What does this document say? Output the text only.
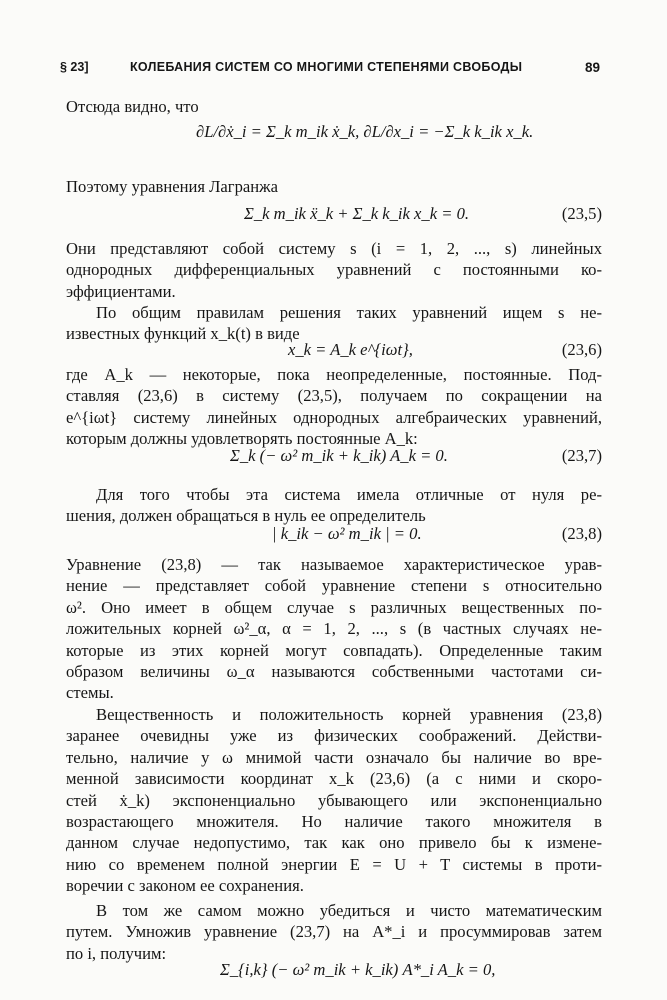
§ 23]	КОЛЕБАНИЯ СИСТЕМ СО МНОГИМИ СТЕПЕНЯМИ СВОБОДЫ	89
Отсюда видно, что
∂L/∂ẋ_i = Σ_k m_ik ẋ_k, ∂L/∂x_i = −Σ_k k_ik x_k.
Поэтому уравнения Лагранжа
Σ_k m_ik ẍ_k + Σ_k k_ik x_k = 0.	(23,5)
Они представляют собой систему s (i = 1, 2, ..., s) линейных
однородных дифференциальных уравнений с постоянными ко-
эффициентами.
По общим правилам решения таких уравнений ищем s не-
известных функций x_k(t) в виде
x_k = A_k e^{iωt},	(23,6)
где A_k — некоторые, пока неопределенные, постоянные. Под-
ставляя (23,6) в систему (23,5), получаем по сокращении на
e^{iωt} систему линейных однородных алгебраических уравнений,
которым должны удовлетворять постоянные A_k:
Σ_k (− ω² m_ik + k_ik) A_k = 0.	(23,7)
Для того чтобы эта система имела отличные от нуля ре-
шения, должен обращаться в нуль ее определитель
| k_ik − ω² m_ik | = 0.	(23,8)
Уравнение (23,8) — так называемое характеристическое урав-
нение — представляет собой уравнение степени s относительно
ω². Оно имеет в общем случае s различных вещественных по-
ложительных корней ω²_α, α = 1, 2, ..., s (в частных случаях не-
которые из этих корней могут совпадать). Определенные таким
образом величины ω_α называются собственными частотами си-
стемы.
Вещественность и положительность корней уравнения (23,8)
заранее очевидны уже из физических соображений. Действи-
тельно, наличие у ω мнимой части означало бы наличие во вре-
менной зависимости координат x_k (23,6) (а с ними и скоро-
стей ẋ_k) экспоненциально убывающего или экспоненциально
возрастающего множителя. Но наличие такого множителя в
данном случае недопустимо, так как оно привело бы к измене-
нию со временем полной энергии E = U + T системы в проти-
воречии с законом ее сохранения.
В том же самом можно убедиться и чисто математическим
путем. Умножив уравнение (23,7) на A*_i и просуммировав затем
по i, получим:
Σ_{i,k} (− ω² m_ik + k_ik) A*_i A_k = 0,
